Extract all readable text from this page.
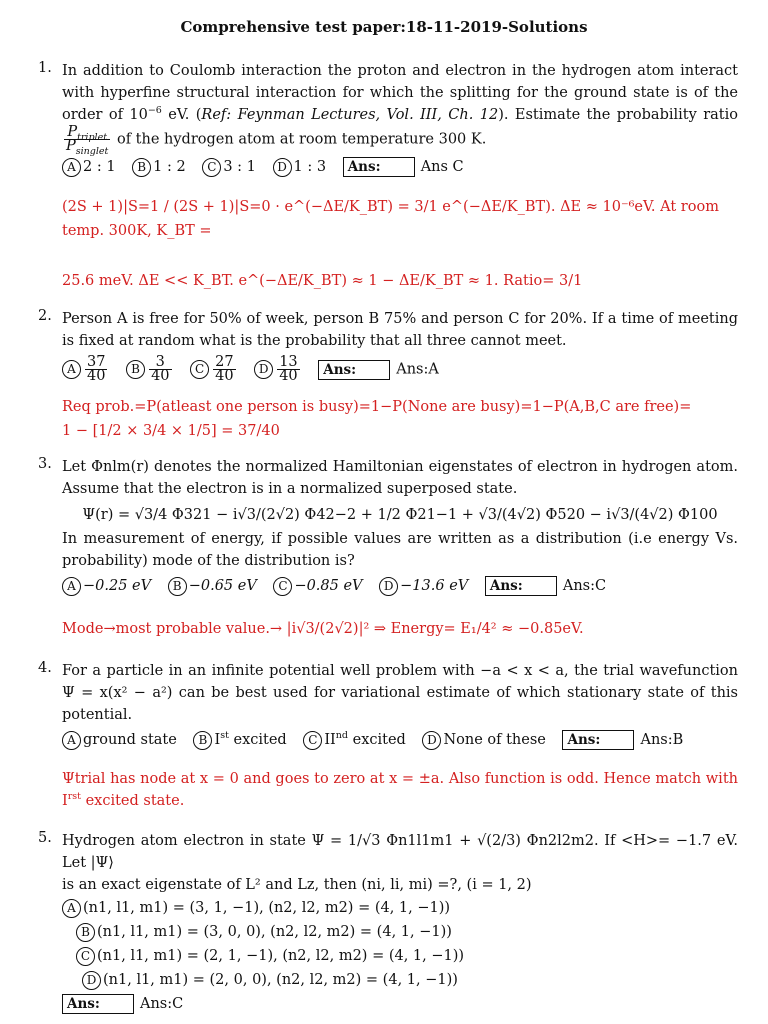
Comprehensive test paper:18-11-2019-Solutions
1. In addition to Coulomb interaction the proton and electron in the hydrogen atom interact with hyperfine structural interaction for which the splitting for the ground state is of the order of $10^{-6}$ eV. (Ref: Feynman Lectures, Vol. III, Ch. 12). Estimate the probability ratio
$\frac{P_{triplet}}{P_{singlet}}$ of the hydrogen atom at room temperature 300 K.
A 2 : 1 B 1 : 2 C 3 : 1 D 1 : 3 Ans:	Ans C
(2S + 1)|S=1 / (2S + 1)|S=0 · e^(−ΔE/K_BT) = 3/1 e^(−ΔE/K_BT). ΔE ≈ 10⁻⁶eV. At room temp. 300K, K_BT =
25.6 meV. ΔE << K_BT. e^(−ΔE/K_BT) ≈ 1 − ΔE/K_BT ≈ 1. Ratio= 3/1
2. Person A is free for 50% of week, person B 75% and person C for 20%. If a time of meeting is fixed at random what is the probability that all three cannot meet.
A $\frac{37}{40}$ B $\frac{3}{40}$ C $\frac{27}{40}$ D $\frac{13}{40}$ Ans:	Ans:A
Req prob.=P(atleast one person is busy)=1−P(None are busy)=1−P(A,B,C are free)=
1 − [1/2 × 3/4 × 1/5] = 37/40
3. Let Φnlm(r) denotes the normalized Hamiltonian eigenstates of electron in hydrogen atom. Assume that the electron is in a normalized superposed state.
Ψ(r) = √3/4 Φ321 − i√3/(2√2) Φ42−2 + 1/2 Φ21−1 + √3/(4√2) Φ520 − i√3/(4√2) Φ100
In measurement of energy, if possible values are written as a distribution (i.e energy Vs. probability) mode of the distribution is?
A −0.25 eV B −0.65 eV C −0.85 eV D −13.6 eV Ans:	Ans:C
Mode→most probable value.→ |i√3/(2√2)|² ⇒ Energy= E₁/4² ≈ −0.85eV.
4. For a particle in an infinite potential well problem with −a < x < a, the trial wavefunction Ψ = x(x² − a²) can be best used for variational estimate of which stationary state of this potential.
A ground state B Ist excited C IInd excited D None of these Ans:	Ans:B
Ψtrial has node at x = 0 and goes to zero at x = ±a. Also function is odd. Hence match with $I^{rst}$ excited state.
5. Hydrogen atom electron in state Ψ = 1/√3 Φn1l1m1 + √(2/3) Φn2l2m2. If <H>= −1.7 eV. Let |Ψ⟩
is an exact eigenstate of L² and Lz, then (ni, li, mi) =?, (i = 1, 2)
A (n1, l1, m1) = (3, 1, −1), (n2, l2, m2) = (4, 1, −1))
B (n1, l1, m1) = (3, 0, 0), (n2, l2, m2) = (4, 1, −1))
C (n1, l1, m1) = (2, 1, −1), (n2, l2, m2) = (4, 1, −1))
D (n1, l1, m1) = (2, 0, 0), (n2, l2, m2) = (4, 1, −1))
Ans:	Ans:C
